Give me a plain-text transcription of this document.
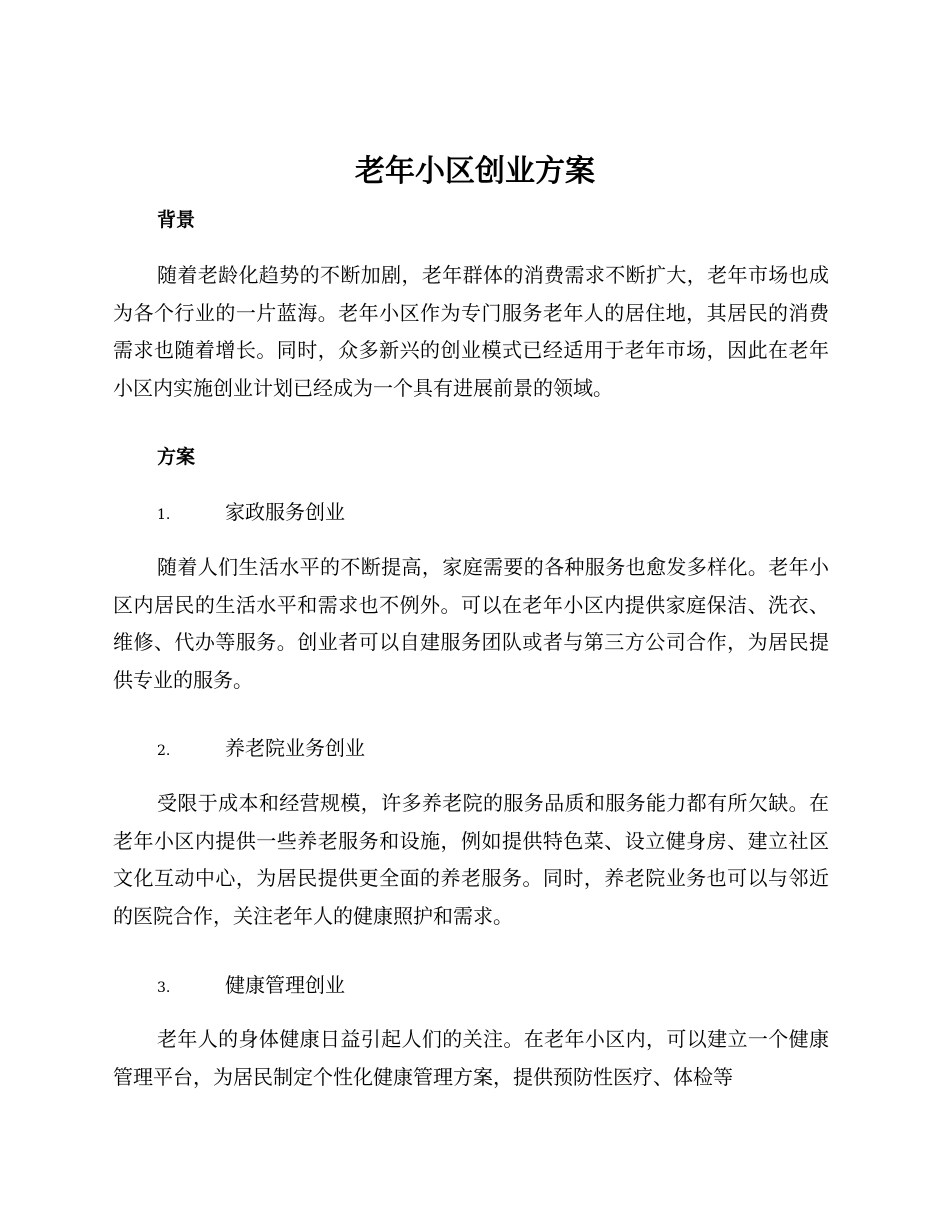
老年小区创业方案
背景

随着老龄化趋势的不断加剧，老年群体的消费需求不断扩大，老年市场也成为各个行业的一片蓝海。老年小区作为专门服务老年人的居住地，其居民的消费需求也随着增长。同时，众多新兴的创业模式已经适用于老年市场，因此在老年小区内实施创业计划已经成为一个具有进展前景的领域。

方案
1.	家政服务创业

随着人们生活水平的不断提高，家庭需要的各种服务也愈发多样化。老年小区内居民的生活水平和需求也不例外。可以在老年小区内提供家庭保洁、洗衣、维修、代办等服务。创业者可以自建服务团队或者与第三方公司合作，为居民提供专业的服务。

2.	养老院业务创业

受限于成本和经营规模，许多养老院的服务品质和服务能力都有所欠缺。在老年小区内提供一些养老服务和设施，例如提供特色菜、设立健身房、建立社区文化互动中心，为居民提供更全面的养老服务。同时，养老院业务也可以与邻近的医院合作，关注老年人的健康照护和需求。

3.	健康管理创业

老年人的身体健康日益引起人们的关注。在老年小区内，可以建立一个健康管理平台，为居民制定个性化健康管理方案，提供预防性医疗、体检等
